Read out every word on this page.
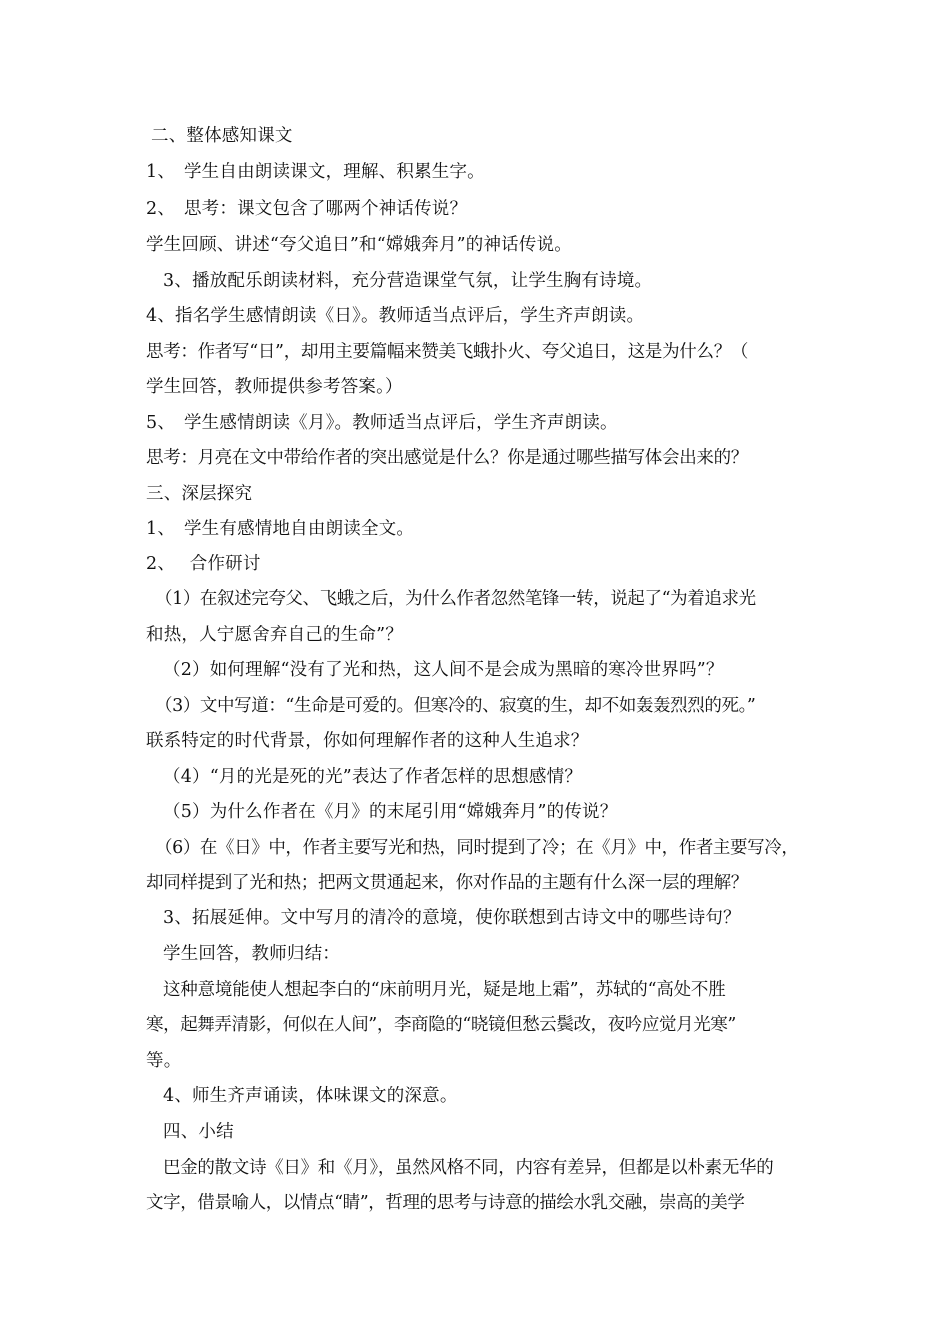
二、整体感知课文
1、　学生自由朗读课文，理解、积累生字。
2、　思考：课文包含了哪两个神话传说？
学生回顾、讲述“夸父追日”和“嫦娥奔月”的神话传说。
3、播放配乐朗读材料，充分营造课堂气氛，让学生胸有诗境。
4、指名学生感情朗读《日》。教师适当点评后，学生齐声朗读。
思考：作者写“日”，却用主要篇幅来赞美飞蛾扑火、夸父追日，这是为什么？（
学生回答，教师提供参考答案。）
5、　学生感情朗读《月》。教师适当点评后，学生齐声朗读。
思考：月亮在文中带给作者的突出感觉是什么？你是通过哪些描写体会出来的？
三、深层探究
1、　学生有感情地自由朗读全文。
2、　 合作研讨
（1）在叙述完夸父、飞蛾之后，为什么作者忽然笔锋一转，说起了“为着追求光
和热，人宁愿舍弃自己的生命”？
（2）如何理解“没有了光和热，这人间不是会成为黑暗的寒冷世界吗”？
（3）文中写道：“生命是可爱的。但寒冷的、寂寞的生，却不如轰轰烈烈的死。”
联系特定的时代背景，你如何理解作者的这种人生追求？
（4）“月的光是死的光”表达了作者怎样的思想感情？
（5）为什么作者在《月》的末尾引用“嫦娥奔月”的传说？
（6）在《日》中，作者主要写光和热，同时提到了冷；在《月》中，作者主要写冷，
却同样提到了光和热；把两文贯通起来，你对作品的主题有什么深一层的理解？
3、拓展延伸。文中写月的清冷的意境，使你联想到古诗文中的哪些诗句？
学生回答，教师归结：
这种意境能使人想起李白的“床前明月光，疑是地上霜”，苏轼的“高处不胜
寒，起舞弄清影，何似在人间”，李商隐的“晓镜但愁云鬓改，夜吟应觉月光寒”
等。
4、师生齐声诵读，体味课文的深意。
四、小结
巴金的散文诗《日》和《月》，虽然风格不同，内容有差异，但都是以朴素无华的
文字，借景喻人，以情点“睛”，哲理的思考与诗意的描绘水乳交融，崇高的美学
